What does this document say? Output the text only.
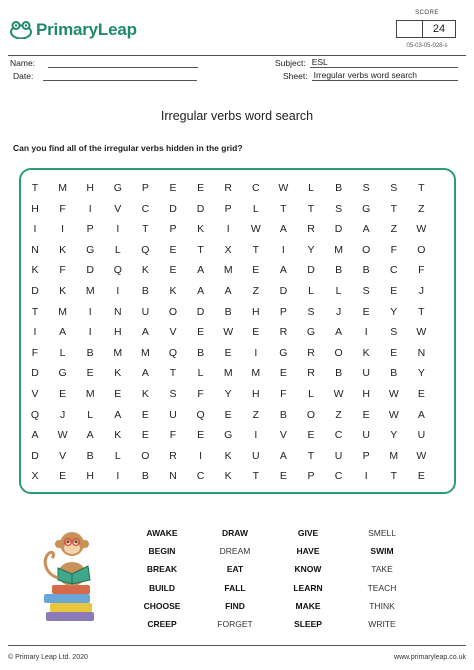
PrimaryLeap
SCORE
24
05-03-05-028-s
Name:
Date:
Subject: ESL
Sheet: Irregular verbs word search
Irregular verbs word search
Can you find all of the irregular verbs hidden in the grid?
© Primary Leap Ltd. 2020	www.primaryleap.co.uk
T	M	H	G	P	E	E	R	C	W	L	B	S	S	T
H	F	I	V	C	D	D	P	L	T	T	S	G	T	Z
I	I	P	I	T	P	K	I	W	A	R	D	A	Z	W
N	K	G	L	Q	E	T	X	T	I	Y	M	O	F	O
K	F	D	Q	K	E	A	M	E	A	D	B	B	C	F
D	K	M	I	B	K	A	A	Z	D	L	L	S	E	J
T	M	I	N	U	O	D	B	H	P	S	J	E	Y	T
I	A	I	H	A	V	E	W	E	R	G	A	I	S	W
F	L	B	M	M	Q	B	E	I	G	R	O	K	E	N
D	G	E	K	A	T	L	M	M	E	R	B	U	B	Y
V	E	M	E	K	S	F	Y	H	F	L	W	H	W	E
Q	J	L	A	E	U	Q	E	Z	B	O	Z	E	W	A
A	W	A	K	E	F	E	G	I	V	E	C	U	Y	U
D	V	B	L	O	R	I	K	U	A	T	U	P	M	W
X	E	H	I	B	N	C	K	T	E	P	C	I	T	E
AWAKE	DRAW	GIVE	SMELL
BEGIN	DREAM	HAVE	SWIM
BREAK	EAT	KNOW	TAKE
BUILD	FALL	LEARN	TEACH
CHOOSE	FIND	MAKE	THINK
CREEP	FORGET	SLEEP	WRITE
